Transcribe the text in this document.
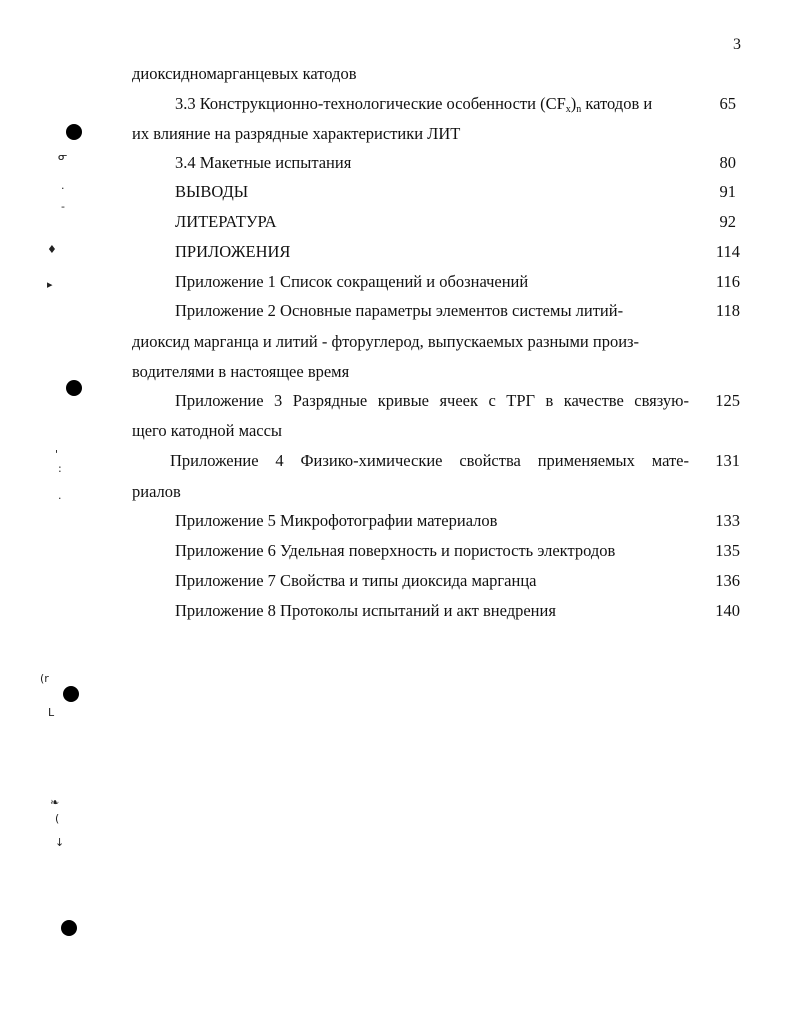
3
диоксидномарганцевых катодов
3.3 Конструкционно-технологические особенности $(CF_x)_n$ катодов и	65
их влияние на разрядные характеристики ЛИТ
3.4 Макетные испытания	80
ВЫВОДЫ	91
ЛИТЕРАТУРА	92
ПРИЛОЖЕНИЯ	114
Приложение 1 Список сокращений и обозначений	116
Приложение 2 Основные параметры элементов системы литий-	118
диоксид марганца и литий - фторуглерод, выпускаемых разными произ-
водителями в настоящее время
Приложение 3 Разрядные кривые ячеек с ТРГ в качестве связую-	125
щего катодной массы
Приложение 4 Физико-химические свойства применяемых мате-	131
риалов
Приложение 5 Микрофотографии материалов	133
Приложение 6 Удельная поверхность и пористость электродов	135
Приложение 7 Свойства и типы диоксида марганца	136
Приложение 8 Протоколы испытаний и акт внедрения	140
ᓂ
·
-
♦
▸
'
:
·
(r
ᒪ
❧
(
↓
